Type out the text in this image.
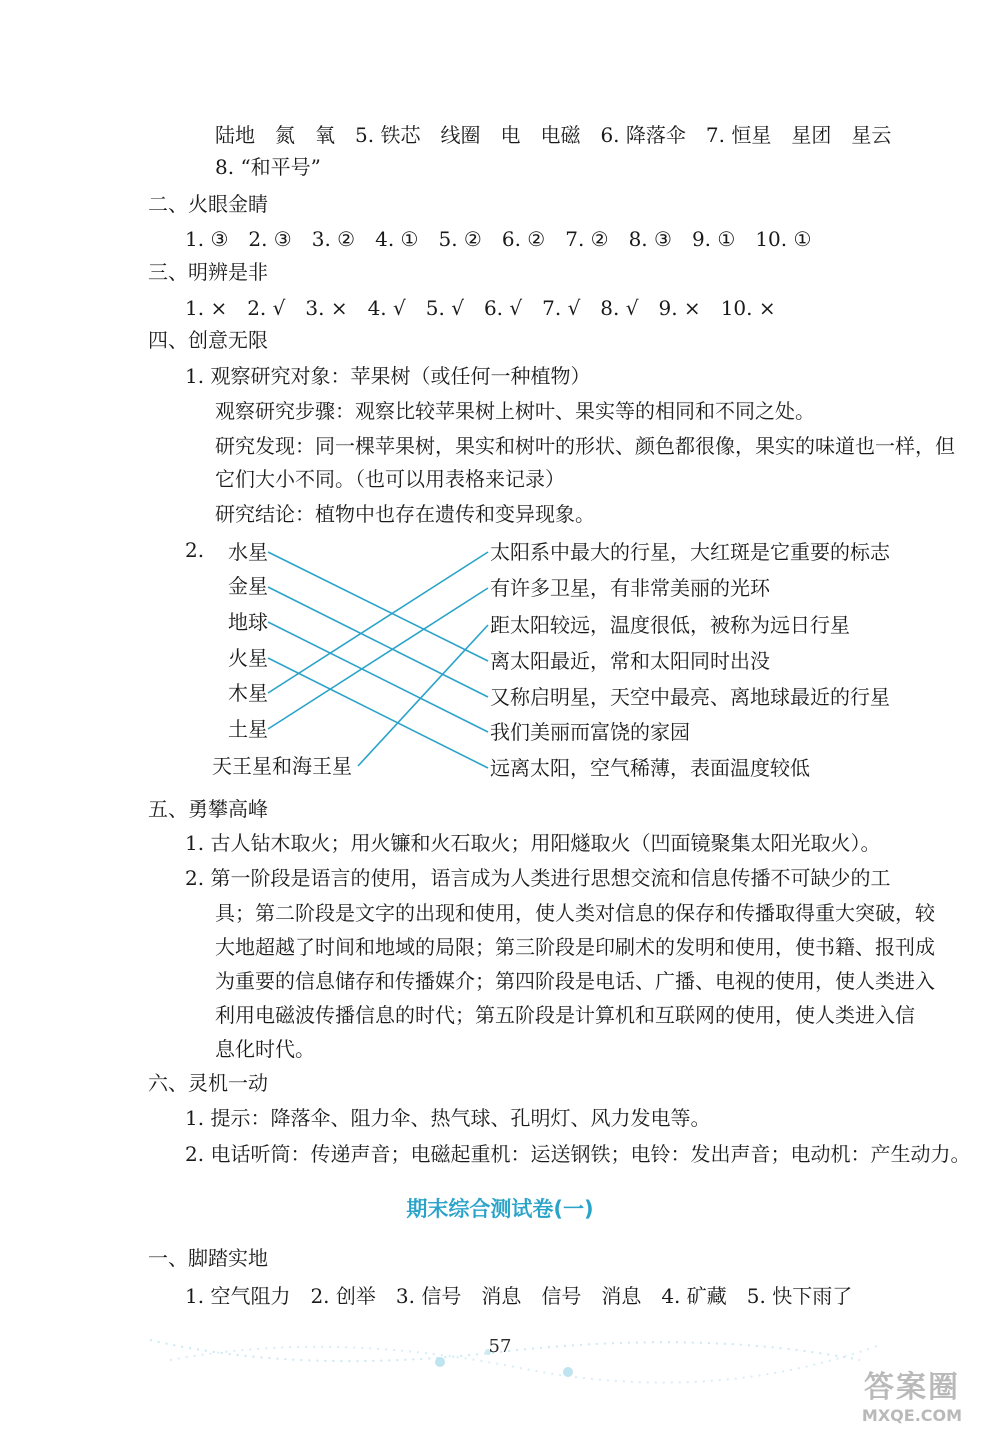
陆地　氮　氧　5. 铁芯　线圈　电　电磁　6. 降落伞　7. 恒星　星团　星云
8. “和平号”
二、火眼金睛
1. ③　2. ③　3. ②　4. ①　5. ②　6. ②　7. ②　8. ③　9. ①　10. ①
三、明辨是非
1. ×　2. √　3. ×　4. √　5. √　6. √　7. √　8. √　9. ×　10. ×
四、创意无限
1. 观察研究对象：苹果树（或任何一种植物）
观察研究步骤：观察比较苹果树上树叶、果实等的相同和不同之处。
研究发现：同一棵苹果树，果实和树叶的形状、颜色都很像，果实的味道也一样，但
它们大小不同。（也可以用表格来记录）
研究结论：植物中也存在遗传和变异现象。
2. 水星
金星
地球
火星
木星
土星
天王星和海王星
太阳系中最大的行星，大红斑是它重要的标志
有许多卫星，有非常美丽的光环
距太阳较远，温度很低，被称为远日行星
离太阳最近，常和太阳同时出没
又称启明星，天空中最亮、离地球最近的行星
我们美丽而富饶的家园
远离太阳，空气稀薄，表面温度较低
五、勇攀高峰
1. 古人钻木取火；用火镰和火石取火；用阳燧取火（凹面镜聚集太阳光取火）。
2. 第一阶段是语言的使用，语言成为人类进行思想交流和信息传播不可缺少的工
具；第二阶段是文字的出现和使用，使人类对信息的保存和传播取得重大突破，较
大地超越了时间和地域的局限；第三阶段是印刷术的发明和使用，使书籍、报刊成
为重要的信息储存和传播媒介；第四阶段是电话、广播、电视的使用，使人类进入
利用电磁波传播信息的时代；第五阶段是计算机和互联网的使用，使人类进入信
息化时代。
六、灵机一动
1. 提示：降落伞、阻力伞、热气球、孔明灯、风力发电等。
2. 电话听筒：传递声音；电磁起重机：运送钢铁；电铃：发出声音；电动机：产生动力。
期末综合测试卷(一)
一、脚踏实地
1. 空气阻力　2. 创举　3. 信号　消息　信号　消息　4. 矿藏　5. 快下雨了
57
答案圈
MXQE.COM
